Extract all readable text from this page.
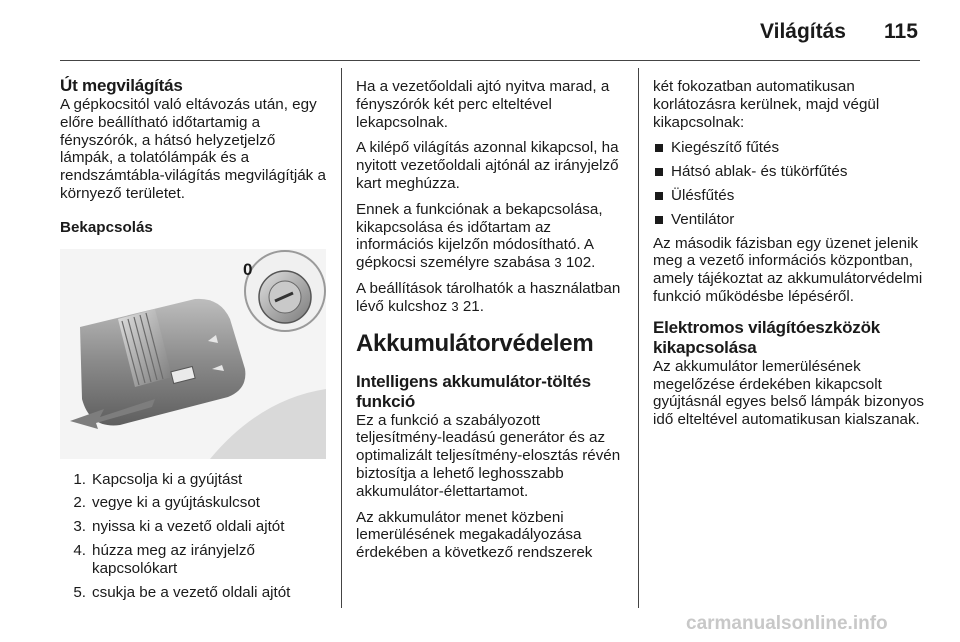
Világítás 115
Út megvilágítás

A gépkocsitól való eltávozás után, egy előre beállítható időtartamig a fényszórók, a hátsó helyzetjelző lámpák, a tolatólámpák és a rendszámtábla-világítás megvilágítják a környező területet.

Bekapcsolás
0
1. Kapcsolja ki a gyújtást
2. vegye ki a gyújtáskulcsot
3. nyissa ki a vezető oldali ajtót
4. húzza meg az irányjelző kapcsolókart
5. csukja be a vezető oldali ajtót

Ha a vezetőoldali ajtó nyitva marad, a fényszórók két perc elteltével lekapcsolnak.

A kilépő világítás azonnal kikapcsol, ha nyitott vezetőoldali ajtónál az irányjelző kart meghúzza.

Ennek a funkciónak a bekapcsolása, kikapcsolása és időtartam az információs kijelzőn módosítható. A gépkocsi személyre szabása 3 102.

A beállítások tárolhatók a használatban lévő kulcshoz 3 21.

Akkumulátorvédelem
Intelligens akkumulátor-töltés funkció

Ez a funkció a szabályozott teljesítmény-leadású generátor és az optimalizált teljesítmény-elosztás révén biztosítja a lehető leghosszabb akkumulátor-élettartamot.

Az akkumulátor menet közbeni lemerülésének megakadályozása érdekében a következő rendszerek

két fokozatban automatikusan korlátozásra kerülnek, majd végül kikapcsolnak:

Kiegészítő fűtés
Hátsó ablak- és tükörfűtés
Ülésfűtés
Ventilátor

Az második fázisban egy üzenet jelenik meg a vezető információs központban, amely tájékoztat az akkumulátorvédelmi funkció működésbe lépéséről.

Elektromos világítóeszközök kikapcsolása

Az akkumulátor lemerülésének megelőzése érdekében kikapcsolt gyújtásnál egyes belső lámpák bizonyos idő elteltével automatikusan kialszanak.

carmanualsonline.info
